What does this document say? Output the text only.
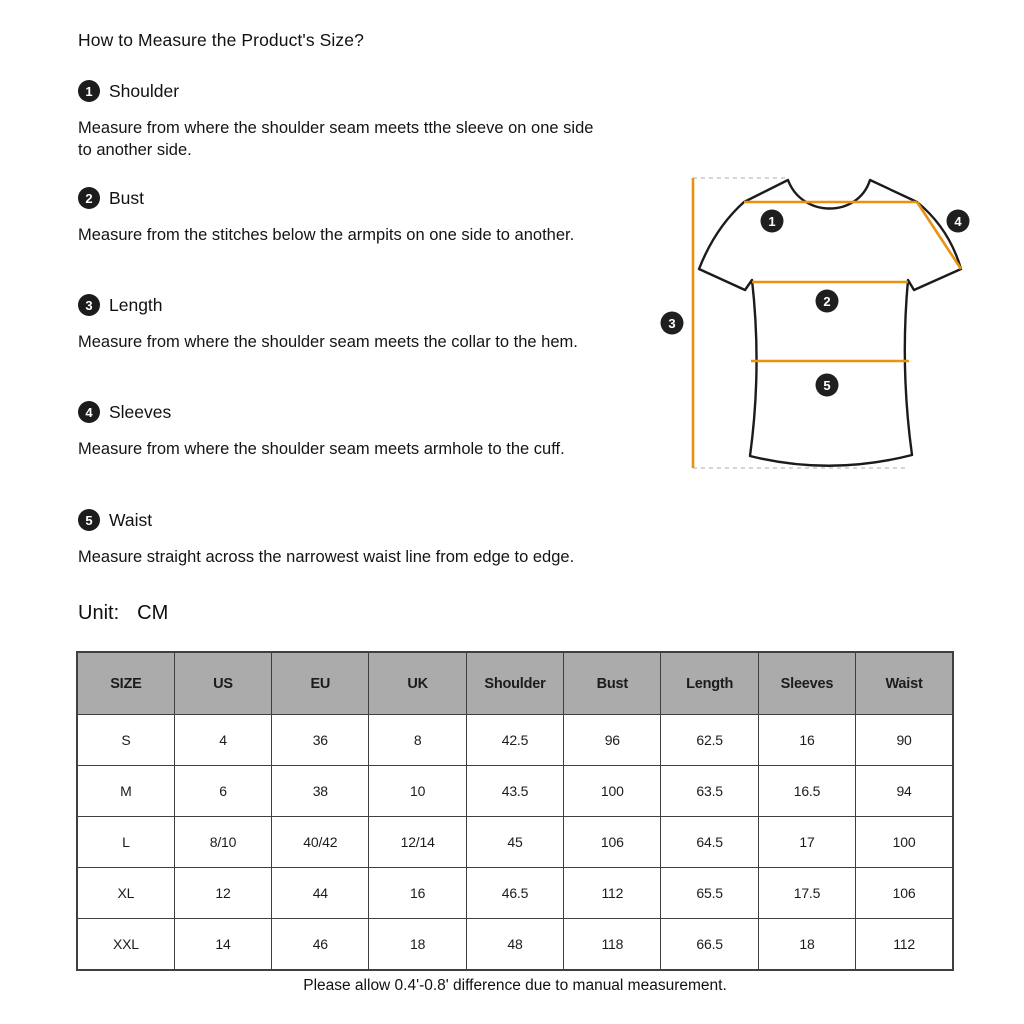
How to Measure the Product's Size?
1 Shoulder

Measure from where the shoulder seam meets tthe sleeve on one side to another side.

2 Bust

Measure from the stitches below the armpits on one side to another.

3 Length

Measure from where the shoulder seam meets the collar to the hem.

4 Sleeves

Measure from where the shoulder seam meets armhole to the cuff.

5 Waist

Measure straight across the narrowest waist line from edge to edge.

Unit: CM
1
2
3
4
5
SIZE	US	EU	UK	Shoulder	Bust	Length	Sleeves	Waist
S	4	36	8	42.5	96	62.5	16	90
M	6	38	10	43.5	100	63.5	16.5	94
L	8/10	40/42	12/14	45	106	64.5	17	100
XL	12	44	16	46.5	112	65.5	17.5	106
XXL	14	46	18	48	118	66.5	18	112
Please allow 0.4'-0.8' difference due to manual measurement.
